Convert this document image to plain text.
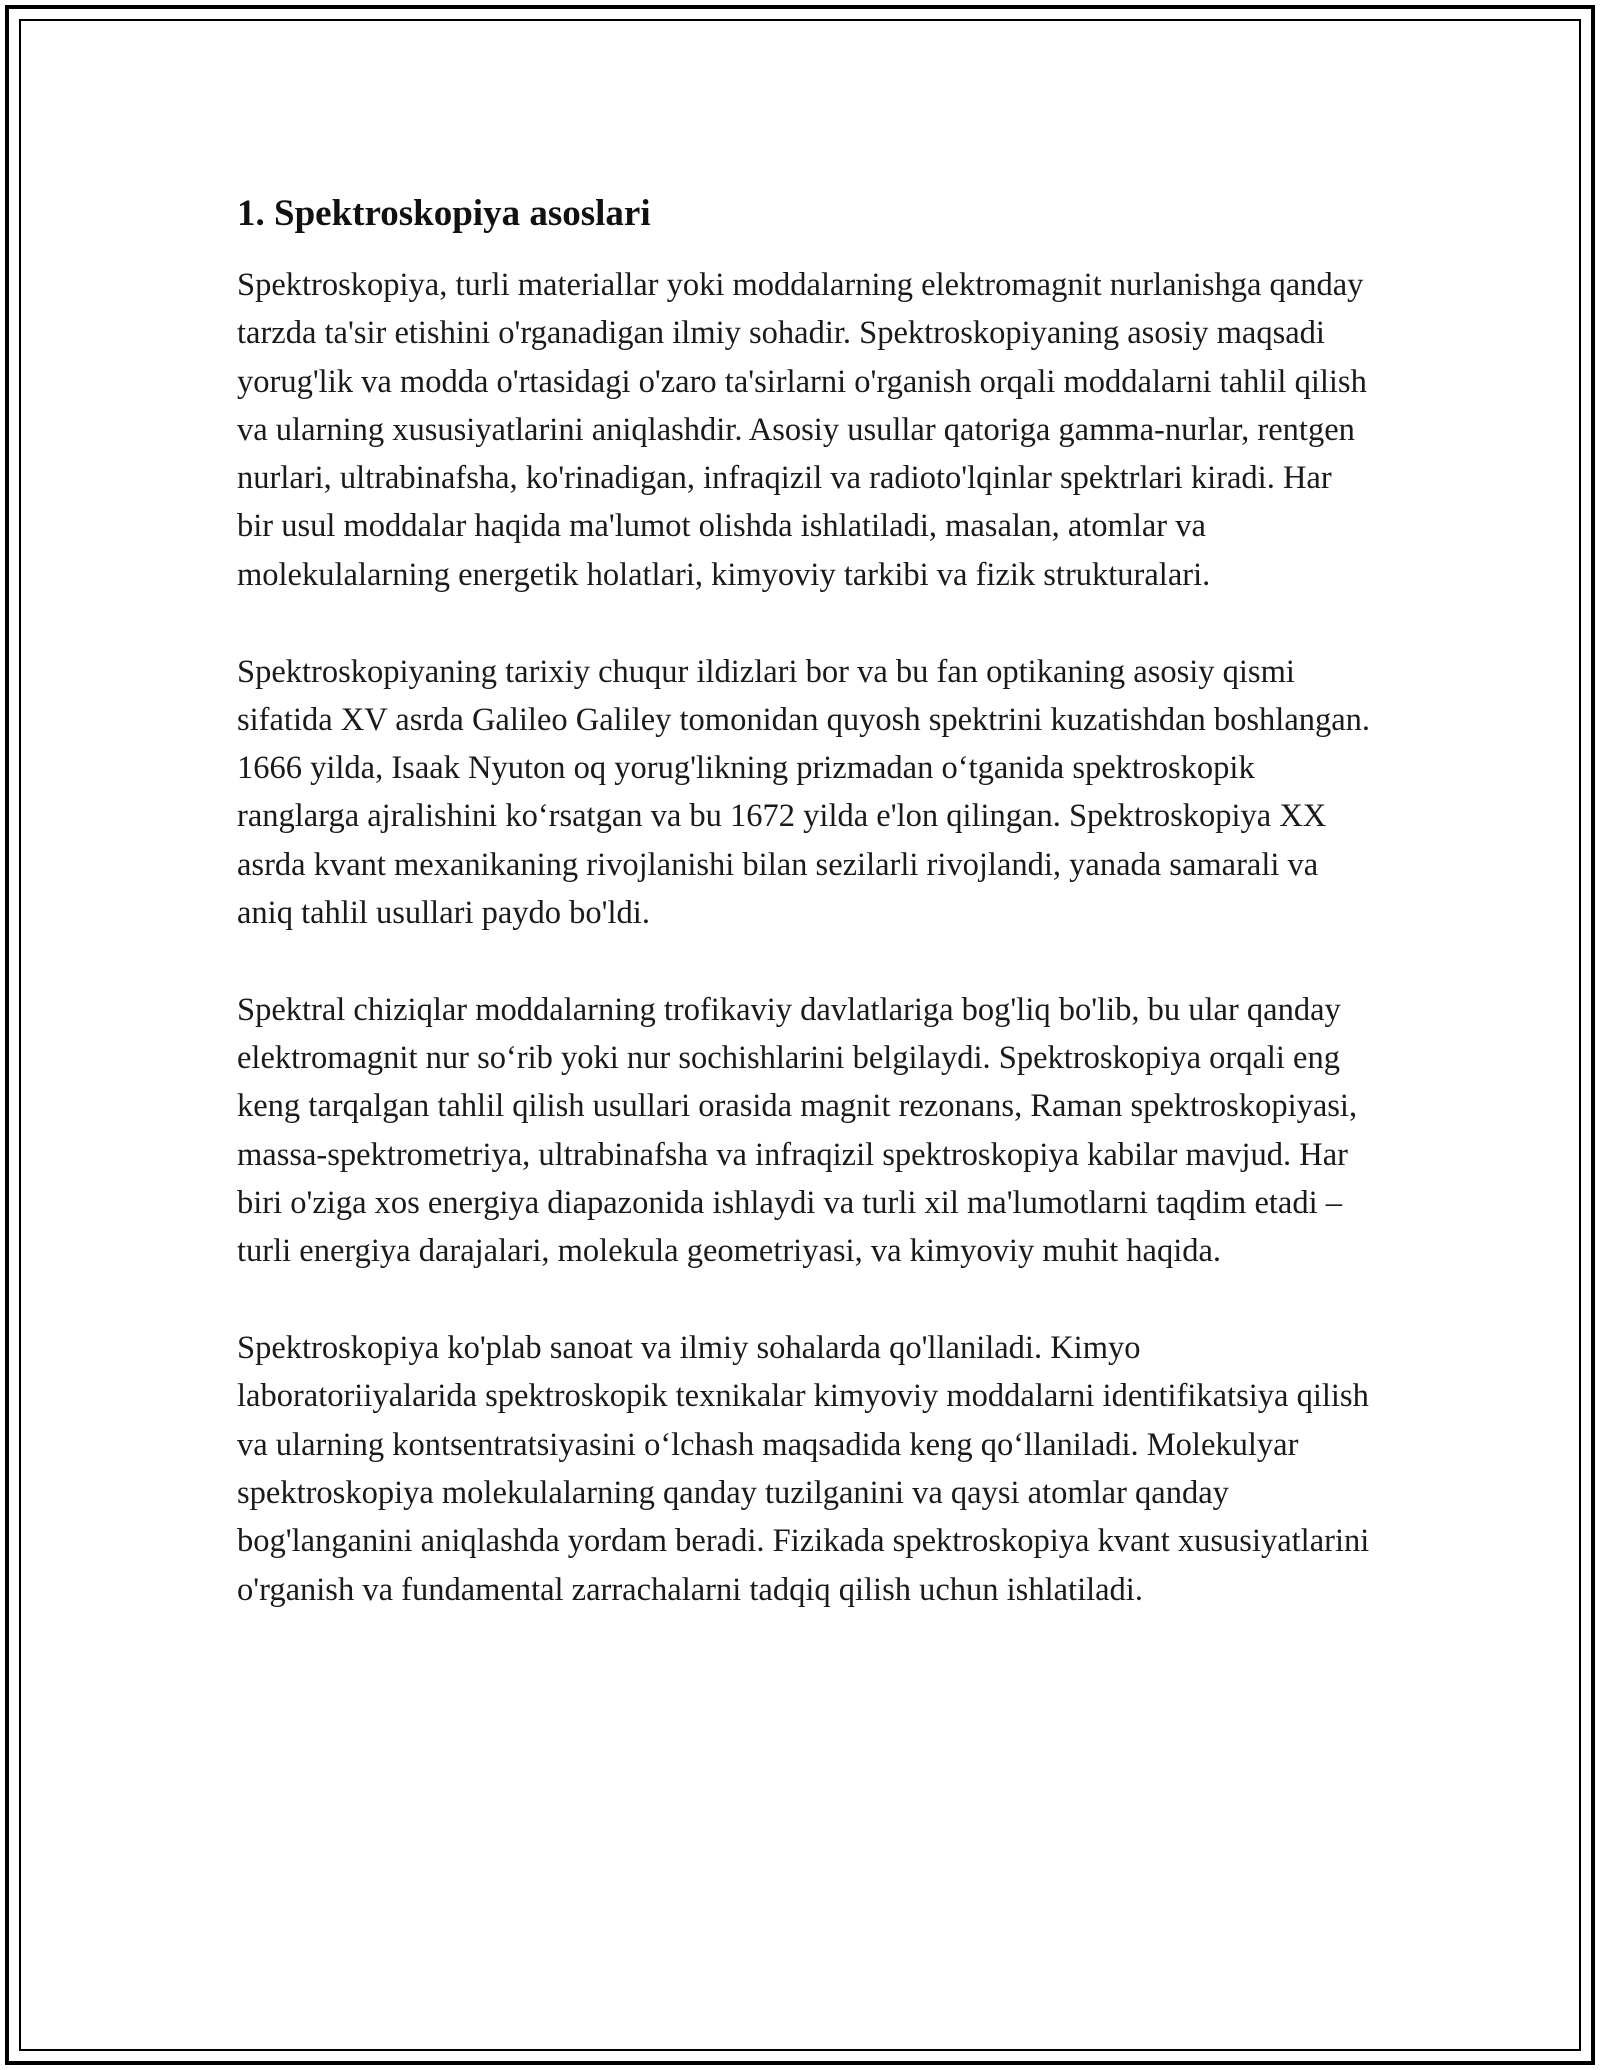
1. Spektroskopiya asoslari

Spektroskopiya, turli materiallar yoki moddalarning elektromagnit nurlanishga qanday tarzda ta'sir etishini o'rganadigan ilmiy sohadir. Spektroskopiyaning asosiy maqsadi yorug'lik va modda o'rtasidagi o'zaro ta'sirlarni o'rganish orqali moddalarni tahlil qilish va ularning xususiyatlarini aniqlashdir. Asosiy usullar qatoriga gamma-nurlar, rentgen nurlari, ultrabinafsha, ko'rinadigan, infraqizil va radioto'lqinlar spektrlari kiradi. Har bir usul moddalar haqida ma'lumot olishda ishlatiladi, masalan, atomlar va molekulalarning energetik holatlari, kimyoviy tarkibi va fizik strukturalari.

Spektroskopiyaning tarixiy chuqur ildizlari bor va bu fan optikaning asosiy qismi sifatida XV asrda Galileo Galiley tomonidan quyosh spektrini kuzatishdan boshlangan. 1666 yilda, Isaak Nyuton oq yorug'likning prizmadan o‘tganida spektroskopik ranglarga ajralishini ko‘rsatgan va bu 1672 yilda e'lon qilingan. Spektroskopiya XX asrda kvant mexanikaning rivojlanishi bilan sezilarli rivojlandi, yanada samarali va aniq tahlil usullari paydo bo'ldi.

Spektral chiziqlar moddalarning trofikaviy davlatlariga bog'liq bo'lib, bu ular qanday elektromagnit nur so‘rib yoki nur sochishlarini belgilaydi. Spektroskopiya orqali eng keng tarqalgan tahlil qilish usullari orasida magnit rezonans, Raman spektroskopiyasi, massa-spektrometriya, ultrabinafsha va infraqizil spektroskopiya kabilar mavjud. Har biri o'ziga xos energiya diapazonida ishlaydi va turli xil ma'lumotlarni taqdim etadi – turli energiya darajalari, molekula geometriyasi, va kimyoviy muhit haqida.

Spektroskopiya ko'plab sanoat va ilmiy sohalarda qo'llaniladi. Kimyo laboratoriiyalarida spektroskopik texnikalar kimyoviy moddalarni identifikatsiya qilish va ularning kontsentratsiyasini o‘lchash maqsadida keng qo‘llaniladi. Molekulyar spektroskopiya molekulalarning qanday tuzilganini va qaysi atomlar qanday bog'langanini aniqlashda yordam beradi. Fizikada spektroskopiya kvant xususiyatlarini o'rganish va fundamental zarrachalarni tadqiq qilish uchun ishlatiladi.
